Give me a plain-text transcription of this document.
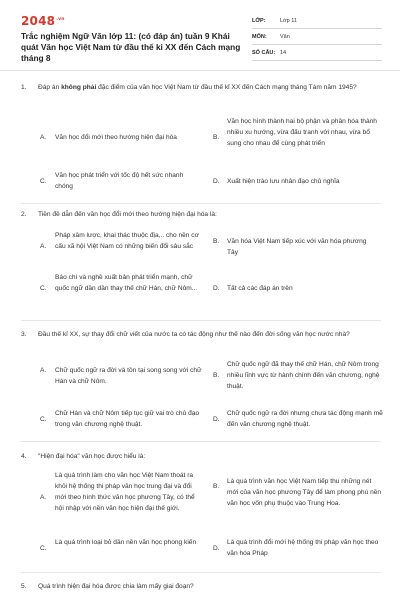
$2048^{.vn}$
Trắc nghiệm Ngữ Văn lớp 11: (có đáp án) tuần 9 Khái quát Văn học Việt Nam từ đầu thế kỉ XX đến Cách mạng tháng 8
LỚP:	Lớp 11
MÔN:	Văn
SỐ CÂU: 14
1. Đáp án không phải đặc điểm của văn học Việt Nam từ đầu thế kỉ XX đến Cách mạng tháng Tám năm 1945?
A. Văn học đổi mới theo hướng hiện đại hóa	B.
Văn học hình thành hai bộ phận và phân hóa thành nhiều xu hướng, vừa đấu tranh với nhau, vừa bổ sung cho nhau để cùng phát triển
C.
Văn học phát triển với tốc độ hết sức nhanh chóng
D. Xuất hiện trào lưu nhân đạo chủ nghĩa
2. Tiền đề dẫn đến văn học đổi mới theo hướng hiện đại hóa là:
A.
Pháp xâm lược, khai thác thuộc địa,.. cho nền cơ cấu xã hội Việt Nam có những biến đổi sâu sắc
B. Văn hóa Việt Nam tiếp xúc với văn hóa phương Tây
C.
Báo chí và nghề xuất bản phát triển mạnh, chữ quốc ngữ dần dần thay thế chữ Hán, chữ Nôm...	D. Tất cả các đáp án trên
3. Đầu thế kỉ XX, sự thay đổi chữ viết của nước ta có tác động như thế nào đến đời sống văn học nước nhà?
A. Chữ quốc ngữ ra đời và tồn tại song song với chữ Hán và chữ Nôm.
B.
Chữ quốc ngữ đã thay thế chữ Hán, chữ Nôm trong nhiều lĩnh vực từ hành chính đến văn chương, nghệ thuật.
C.
Chữ Hán và chữ Nôm tiếp tục giữ vai trò chủ đạo trong văn chương nghệ thuật.
D.
Chữ quốc ngữ ra đời nhưng chưa tác động mạnh mẽ đến văn chương nghệ thuật.
4. "Hiện đại hóa" văn học được hiểu là:
A.
Là quá trình làm cho văn học Việt Nam thoát ra khỏi hệ thống thi pháp văn học trung đại và đổi mới theo hình thức văn học phương Tây, có thể hội nhập với nền văn học hiện đại thế giới.
B.
Là quá trình văn học Việt Nam tiếp thu những nét mới của văn học phương Tây để làm phong phú nền văn học vốn phụ thuộc vào Trung Hoa.
C.
Là quá trình loại bỏ dần nền văn học phong kiến
D.
Là quá trình đổi mới hệ thống thi pháp văn học theo văn hóa Pháp
5. Quá trình hiện đại hóa được chia làm mấy giai đoạn?
